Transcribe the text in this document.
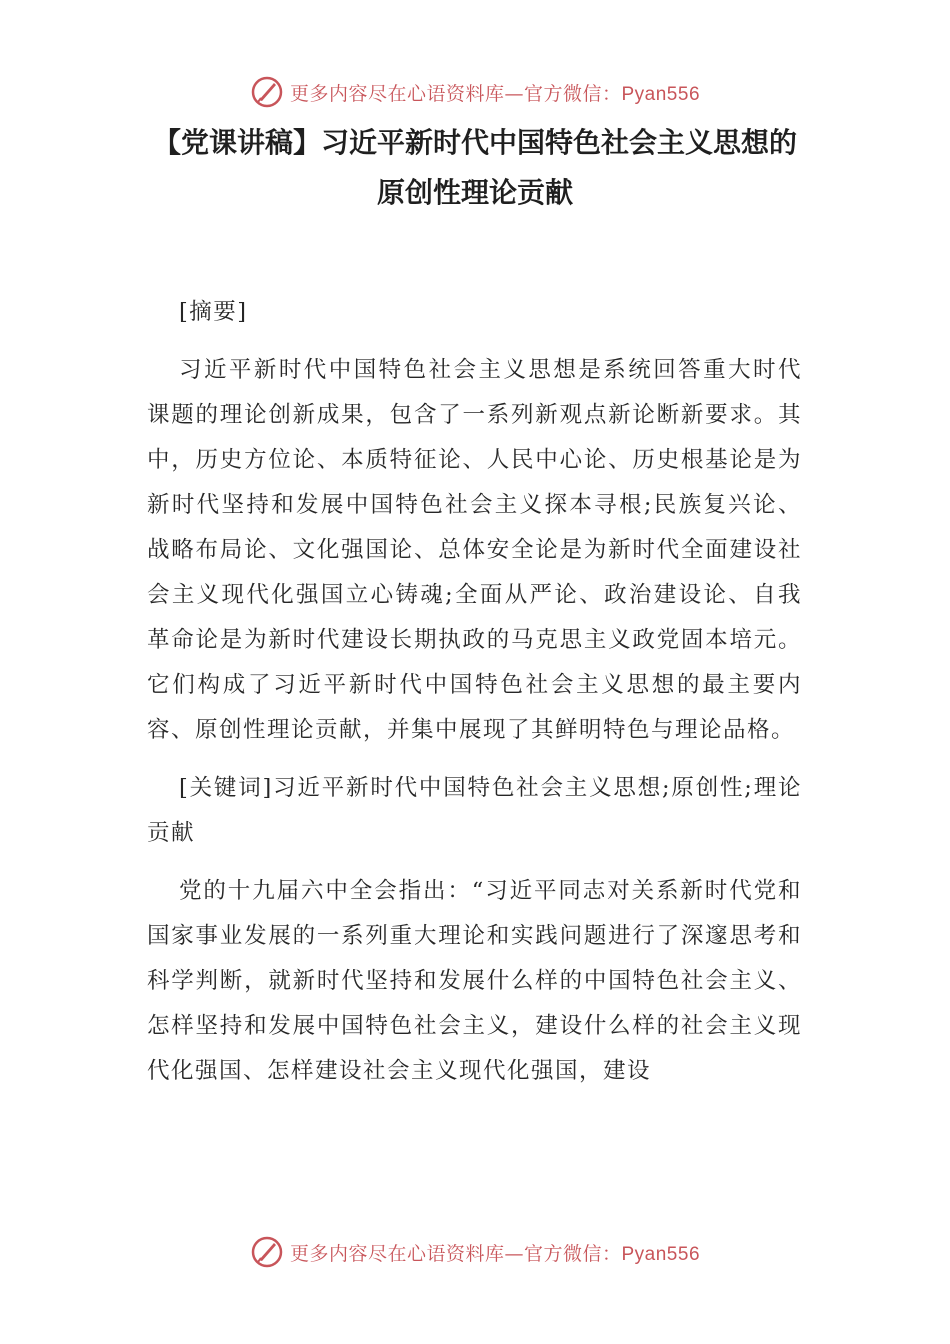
更多内容尽在心语资料库—官方微信：Pyan556
【党课讲稿】习近平新时代中国特色社会主义思想的原创性理论贡献

[摘要]

习近平新时代中国特色社会主义思想是系统回答重大时代课题的理论创新成果，包含了一系列新观点新论断新要求。其中，历史方位论、本质特征论、人民中心论、历史根基论是为新时代坚持和发展中国特色社会主义探本寻根;民族复兴论、战略布局论、文化强国论、总体安全论是为新时代全面建设社会主义现代化强国立心铸魂;全面从严论、政治建设论、自我革命论是为新时代建设长期执政的马克思主义政党固本培元。它们构成了习近平新时代中国特色社会主义思想的最主要内容、原创性理论贡献，并集中展现了其鲜明特色与理论品格。

[关键词]习近平新时代中国特色社会主义思想;原创性;理论贡献

党的十九届六中全会指出：“习近平同志对关系新时代党和国家事业发展的一系列重大理论和实践问题进行了深邃思考和科学判断，就新时代坚持和发展什么样的中国特色社会主义、怎样坚持和发展中国特色社会主义，建设什么样的社会主义现代化强国、怎样建设社会主义现代化强国，建设

更多内容尽在心语资料库—官方微信：Pyan556
